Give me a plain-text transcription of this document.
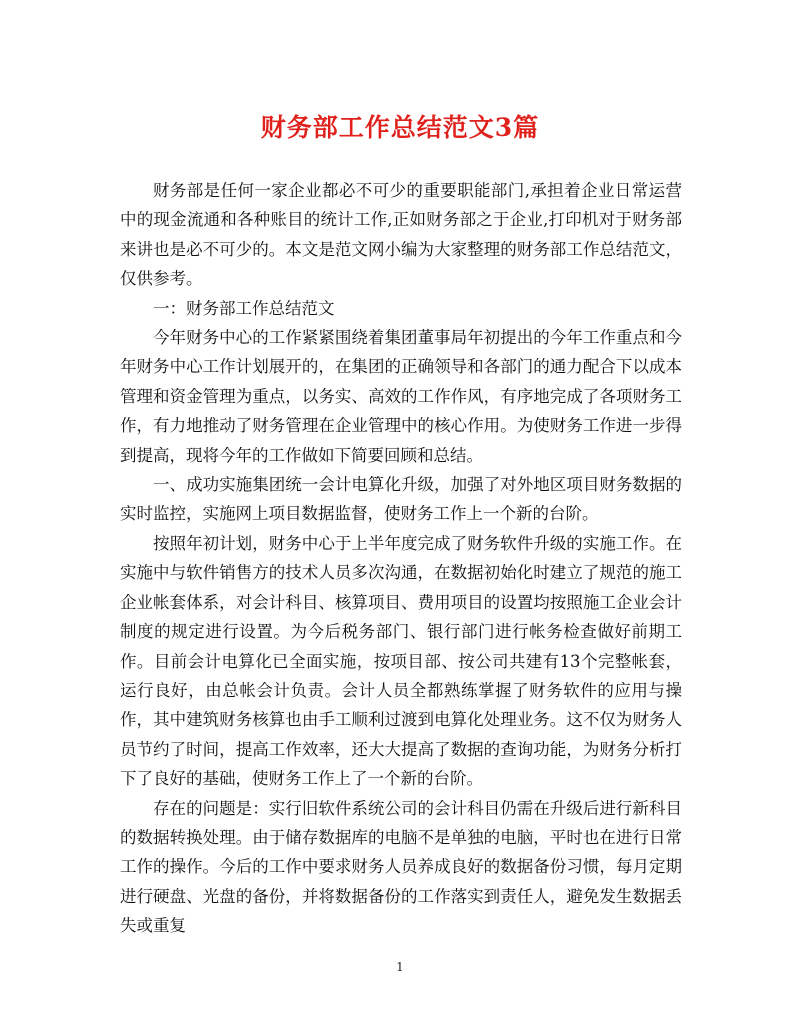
财务部工作总结范文3篇

财务部是任何一家企业都必不可少的重要职能部门,承担着企业日常运营中的现金流通和各种账目的统计工作,正如财务部之于企业,打印机对于财务部来讲也是必不可少的。本文是范文网小编为大家整理的财务部工作总结范文，仅供参考。

一：财务部工作总结范文

今年财务中心的工作紧紧围绕着集团董事局年初提出的今年工作重点和今年财务中心工作计划展开的，在集团的正确领导和各部门的通力配合下以成本管理和资金管理为重点，以务实、高效的工作作风，有序地完成了各项财务工作，有力地推动了财务管理在企业管理中的核心作用。为使财务工作进一步得到提高，现将今年的工作做如下简要回顾和总结。

一、成功实施集团统一会计电算化升级，加强了对外地区项目财务数据的实时监控，实施网上项目数据监督，使财务工作上一个新的台阶。

按照年初计划，财务中心于上半年度完成了财务软件升级的实施工作。在实施中与软件销售方的技术人员多次沟通，在数据初始化时建立了规范的施工企业帐套体系，对会计科目、核算项目、费用项目的设置均按照施工企业会计制度的规定进行设置。为今后税务部门、银行部门进行帐务检查做好前期工作。目前会计电算化已全面实施，按项目部、按公司共建有13个完整帐套，运行良好，由总帐会计负责。会计人员全都熟练掌握了财务软件的应用与操作，其中建筑财务核算也由手工顺利过渡到电算化处理业务。这不仅为财务人员节约了时间，提高工作效率，还大大提高了数据的查询功能，为财务分析打下了良好的基础，使财务工作上了一个新的台阶。

存在的问题是：实行旧软件系统公司的会计科目仍需在升级后进行新科目的数据转换处理。由于储存数据库的电脑不是单独的电脑，平时也在进行日常工作的操作。今后的工作中要求财务人员养成良好的数据备份习惯，每月定期进行硬盘、光盘的备份，并将数据备份的工作落实到责任人，避免发生数据丢失或重复

1
